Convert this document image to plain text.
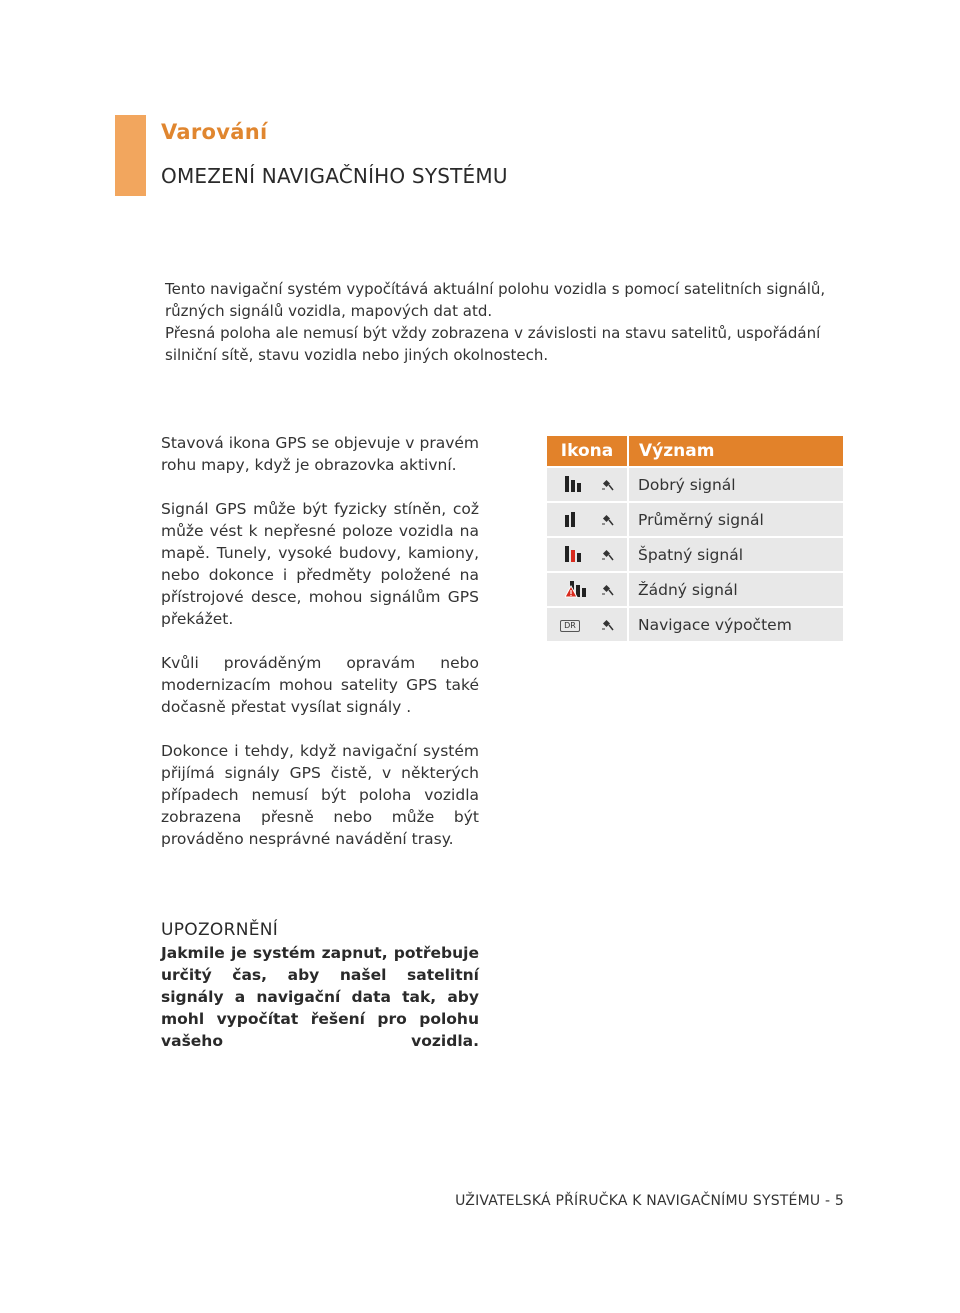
Varování
OMEZENÍ NAVIGAČNÍHO SYSTÉMU

Tento navigační systém vypočítává aktuální polohu vozidla s pomocí satelitních signálů, různých signálů vozidla, mapových dat atd.

Přesná poloha ale nemusí být vždy zobrazena v závislosti na stavu satelitů, uspořádání silniční sítě, stavu vozidla nebo jiných okolnostech.

Stavová ikona GPS se objevuje v pravém rohu mapy, když je obrazovka aktivní.

Signál GPS může být fyzicky stíněn, což může vést k nepřesné poloze vozidla na mapě. Tunely, vysoké budovy, kamiony, nebo dokonce i předměty položené na přístrojové desce, mohou signálům GPS překážet.

Kvůli prováděným opravám nebo modernizacím mohou satelity GPS také dočasně přestat vysílat signály .

Dokonce i tehdy, když navigační systém přijímá signály GPS čistě, v některých případech nemusí být poloha vozidla zobrazena přesně nebo může být prováděno nesprávné navádění trasy.

UPOZORNĚNÍ
Jakmile je systém zapnut, potřebuje určitý čas, aby našel satelitní signály a navigační data tak, aby mohl vypočítat řešení pro polohu vašeho vozidla.
Ikona	Význam
Dobrý signál
Průměrný signál
Špatný signál
Žádný signál
DR	Navigace výpočtem
UŽIVATELSKÁ PŘÍRUČKA K NAVIGAČNÍMU SYSTÉMU - 5
